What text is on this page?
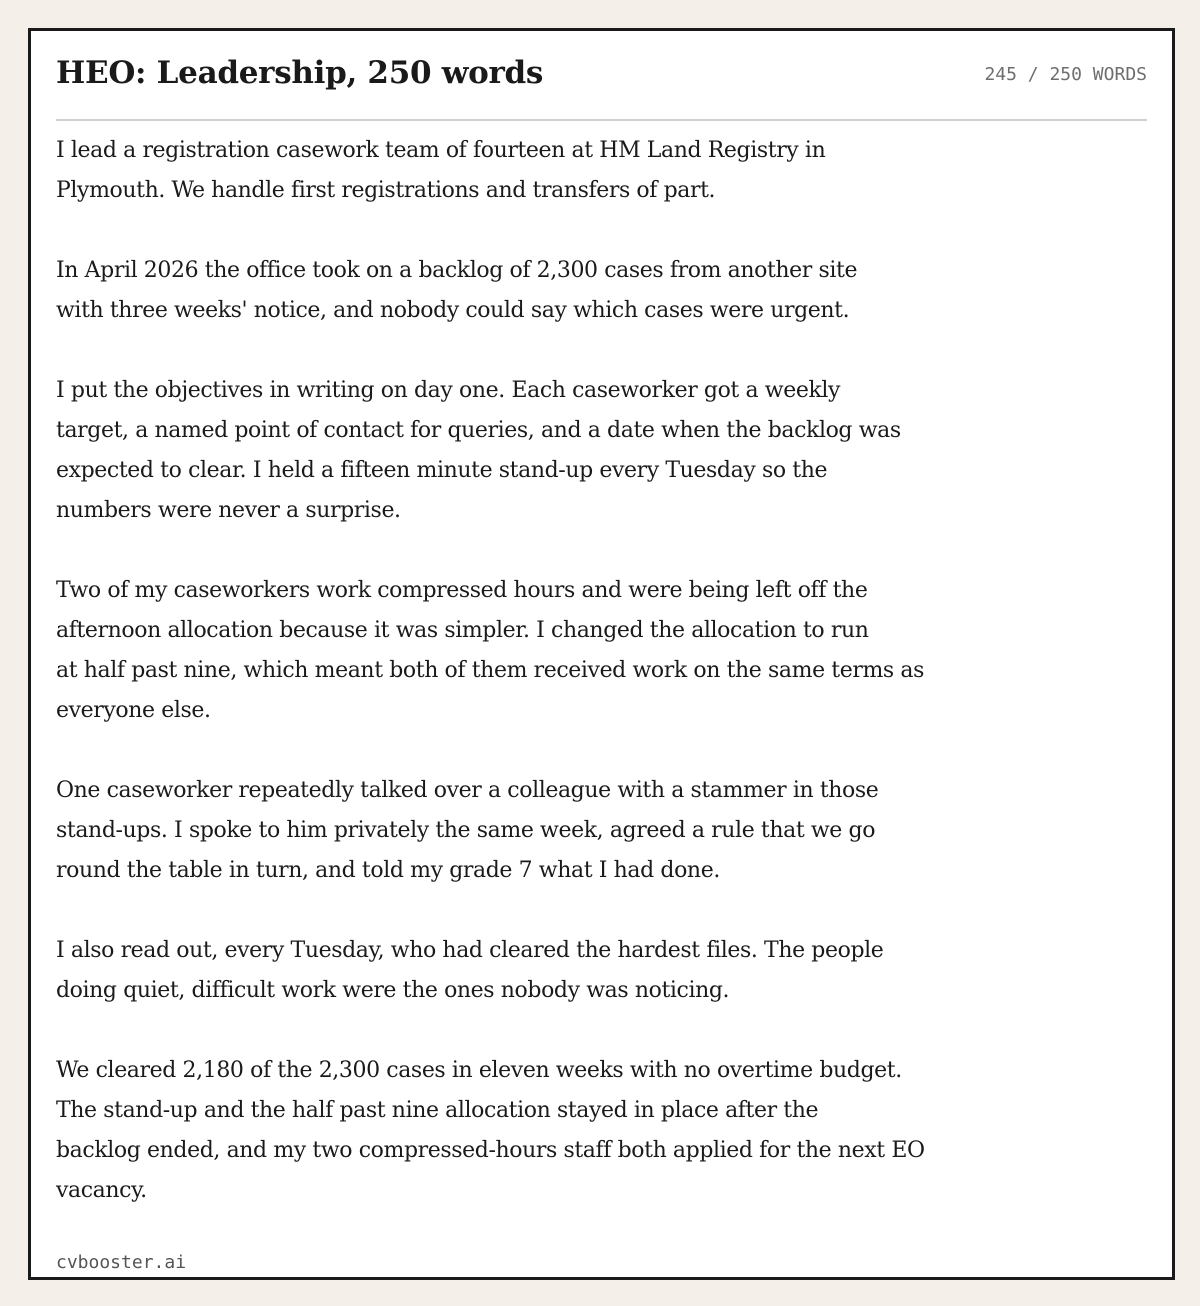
HEO: Leadership, 250 words	245 / 250 WORDS

I lead a registration casework team of fourteen at HM Land Registry in
Plymouth. We handle first registrations and transfers of part.

In April 2026 the office took on a backlog of 2,300 cases from another site
with three weeks' notice, and nobody could say which cases were urgent.

I put the objectives in writing on day one. Each caseworker got a weekly
target, a named point of contact for queries, and a date when the backlog was
expected to clear. I held a fifteen minute stand-up every Tuesday so the
numbers were never a surprise.

Two of my caseworkers work compressed hours and were being left off the
afternoon allocation because it was simpler. I changed the allocation to run
at half past nine, which meant both of them received work on the same terms as
everyone else.

One caseworker repeatedly talked over a colleague with a stammer in those
stand-ups. I spoke to him privately the same week, agreed a rule that we go
round the table in turn, and told my grade 7 what I had done.

I also read out, every Tuesday, who had cleared the hardest files. The people
doing quiet, difficult work were the ones nobody was noticing.

We cleared 2,180 of the 2,300 cases in eleven weeks with no overtime budget.
The stand-up and the half past nine allocation stayed in place after the
backlog ended, and my two compressed-hours staff both applied for the next EO
vacancy.

cvbooster.ai
